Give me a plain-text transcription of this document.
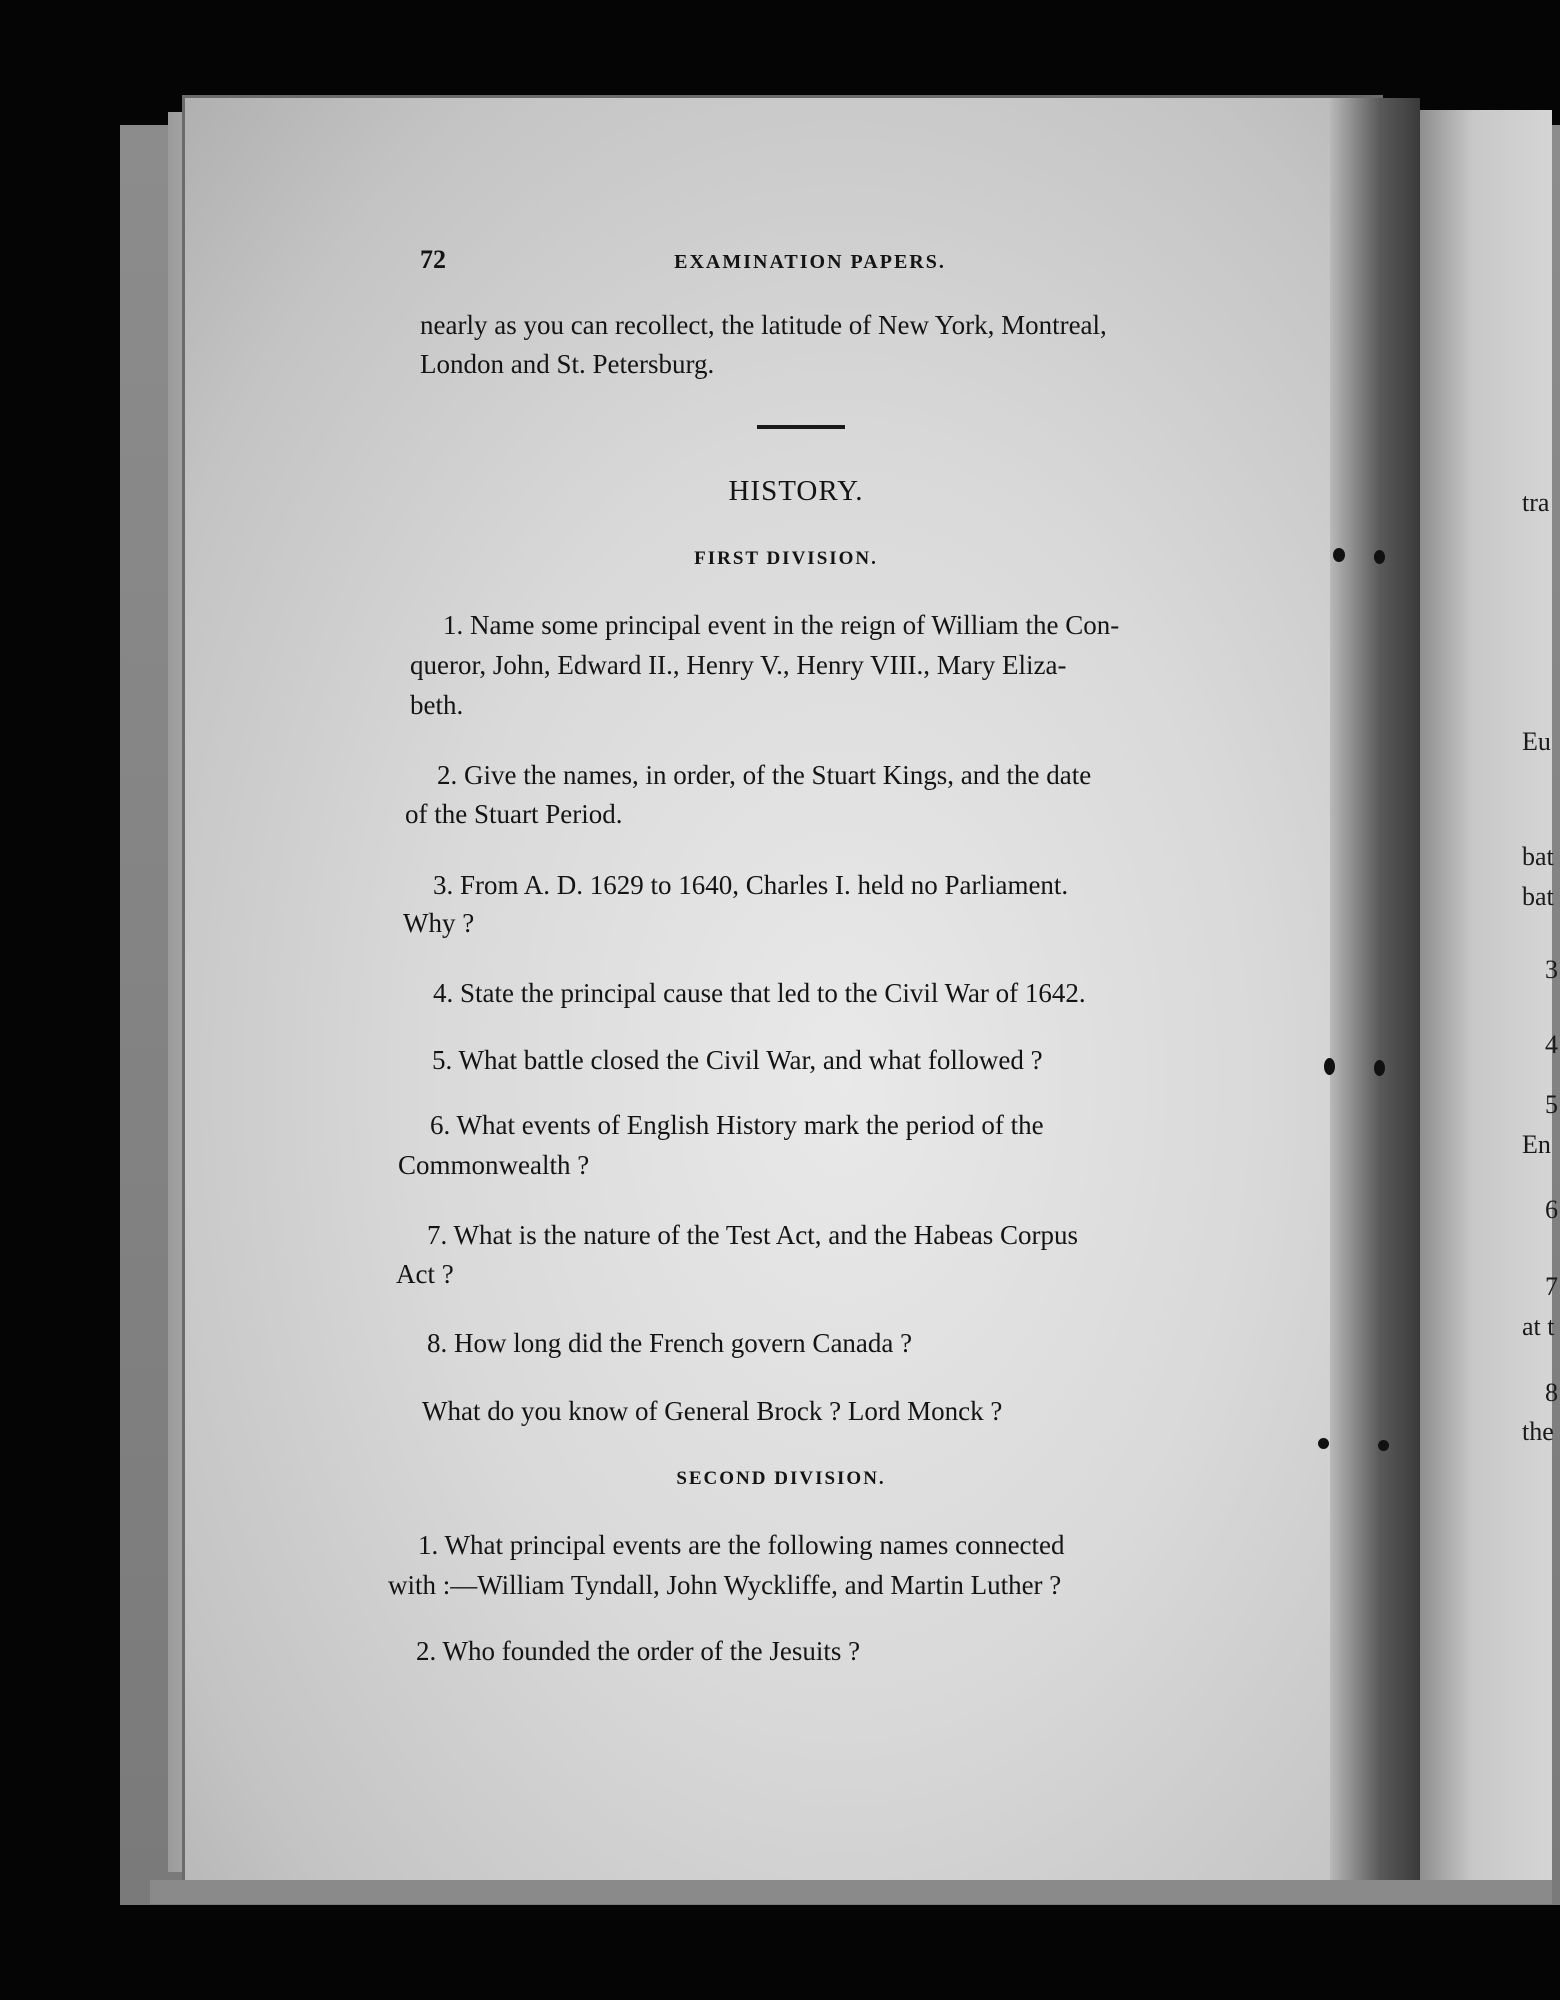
tra
Eu
bat
bat
3
4
5
En
6
7
at t
8
the
72	EXAMINATION PAPERS.
nearly as you can recollect, the latitude of New York, Montreal,
London and St. Petersburg.
HISTORY.
FIRST DIVISION.
1. Name some principal event in the reign of William the Con-
queror, John, Edward II., Henry V., Henry VIII., Mary Eliza-
beth.
2. Give the names, in order, of the Stuart Kings, and the date
of the Stuart Period.
3. From A. D. 1629 to 1640, Charles I. held no Parliament.
Why ?
4. State the principal cause that led to the Civil War of 1642.
5. What battle closed the Civil War, and what followed ?
6. What events of English History mark the period of the
Commonwealth ?
7. What is the nature of the Test Act, and the Habeas Corpus
Act ?
8. How long did the French govern Canada ?
What do you know of General Brock ? Lord Monck ?
SECOND DIVISION.
1. What principal events are the following names connected
with :—William Tyndall, John Wyckliffe, and Martin Luther ?
2. Who founded the order of the Jesuits ?
